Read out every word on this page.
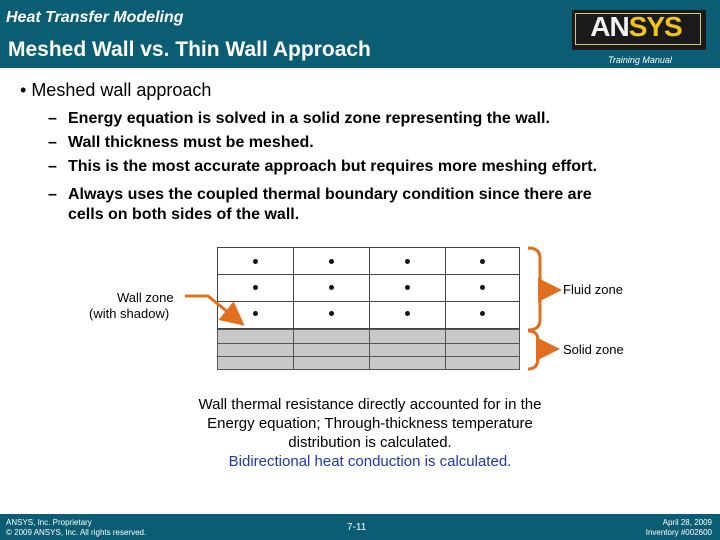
Heat Transfer Modeling
Meshed Wall vs. Thin Wall Approach
ANSYS
Training Manual
• Meshed wall approach
– Energy equation is solved in a solid zone representing the wall.
– Wall thickness must be meshed.
– This is the most accurate approach but requires more meshing effort.
– Always uses the coupled thermal boundary condition since there are
cells on both sides of the wall.
Wall zone
(with shadow)
Fluid zone
Solid zone
Wall thermal resistance directly accounted for in the
Energy equation; Through-thickness temperature
distribution is calculated.
Bidirectional heat conduction is calculated.
ANSYS, Inc. Proprietary
© 2009 ANSYS, Inc. All rights reserved.	7-11	April 28, 2009
Inventory #002600
